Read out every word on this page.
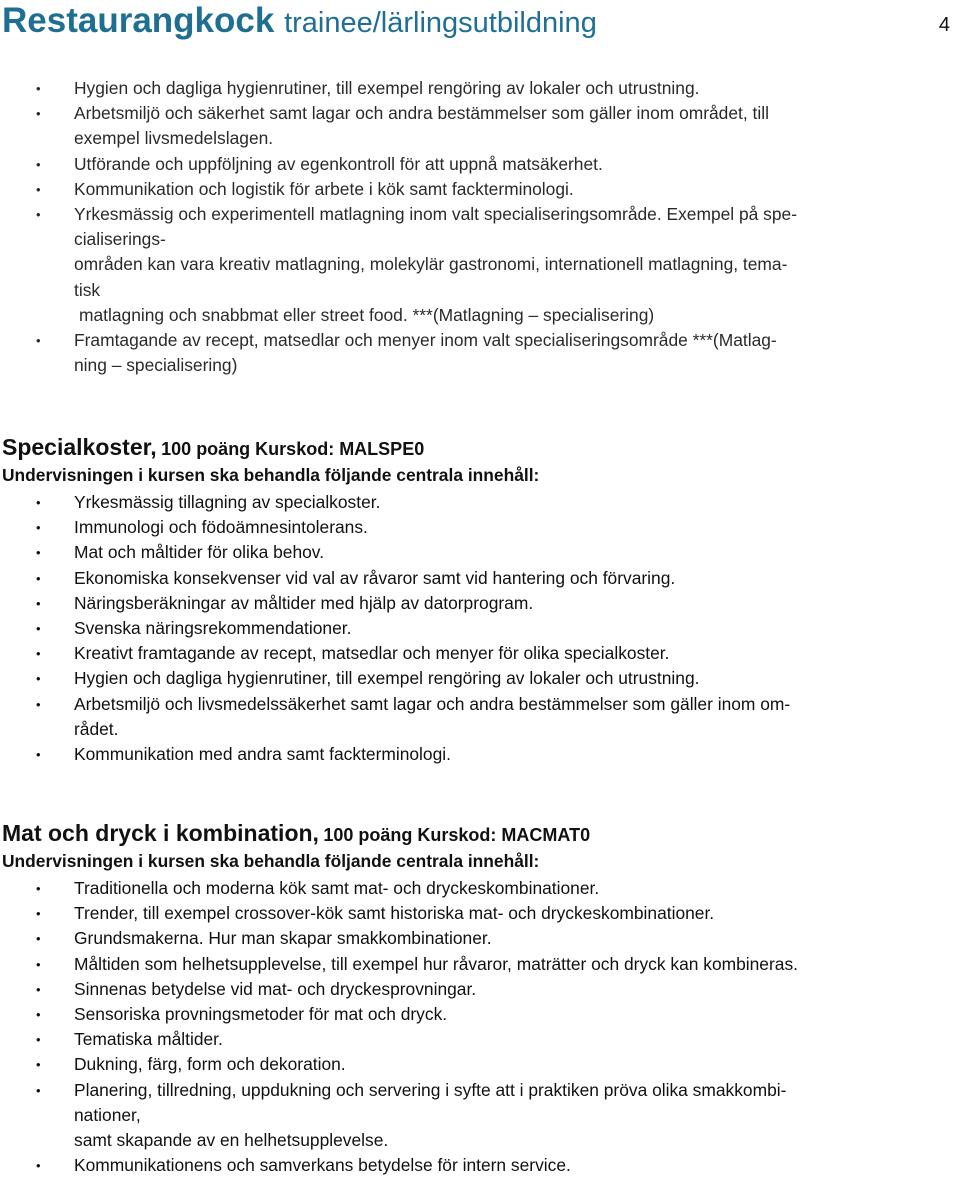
Restaurangkock trainee/lärlingsutbildning	4
• Hygien och dagliga hygienrutiner, till exempel rengöring av lokaler och utrustning.
• Arbetsmiljö och säkerhet samt lagar och andra bestämmelser som gäller inom området, till
exempel livsmedelslagen.
• Utförande och uppföljning av egenkontroll för att uppnå matsäkerhet.
• Kommunikation och logistik för arbete i kök samt fackterminologi.
• Yrkesmässig och experimentell matlagning inom valt specialiseringsområde. Exempel på spe-
cialiserings-
områden kan vara kreativ matlagning, molekylär gastronomi, internationell matlagning, tema-
tisk
matlagning och snabbmat eller street food. ***(Matlagning – specialisering)
• Framtagande av recept, matsedlar och menyer inom valt specialiseringsområde ***(Matlag-
ning – specialisering)
Specialkoster, 100 poäng Kurskod: MALSPE0
Undervisningen i kursen ska behandla följande centrala innehåll:
• Yrkesmässig tillagning av specialkoster.
• Immunologi och födoämnesintolerans.
• Mat och måltider för olika behov.
• Ekonomiska konsekvenser vid val av råvaror samt vid hantering och förvaring.
• Näringsberäkningar av måltider med hjälp av datorprogram.
• Svenska näringsrekommendationer.
• Kreativt framtagande av recept, matsedlar och menyer för olika specialkoster.
• Hygien och dagliga hygienrutiner, till exempel rengöring av lokaler och utrustning.
• Arbetsmiljö och livsmedelssäkerhet samt lagar och andra bestämmelser som gäller inom om-
rådet.
• Kommunikation med andra samt fackterminologi.
Mat och dryck i kombination, 100 poäng Kurskod: MACMAT0
Undervisningen i kursen ska behandla följande centrala innehåll:
• Traditionella och moderna kök samt mat- och dryckeskombinationer.
• Trender, till exempel crossover-kök samt historiska mat- och dryckeskombinationer.
• Grundsmakerna. Hur man skapar smakkombinationer.
• Måltiden som helhetsupplevelse, till exempel hur råvaror, maträtter och dryck kan kombineras.
• Sinnenas betydelse vid mat- och dryckesprovningar.
• Sensoriska provningsmetoder för mat och dryck.
• Tematiska måltider.
• Dukning, färg, form och dekoration.
• Planering, tillredning, uppdukning och servering i syfte att i praktiken pröva olika smakkombi-
nationer,
samt skapande av en helhetsupplevelse.
• Kommunikationens och samverkans betydelse för intern service.
